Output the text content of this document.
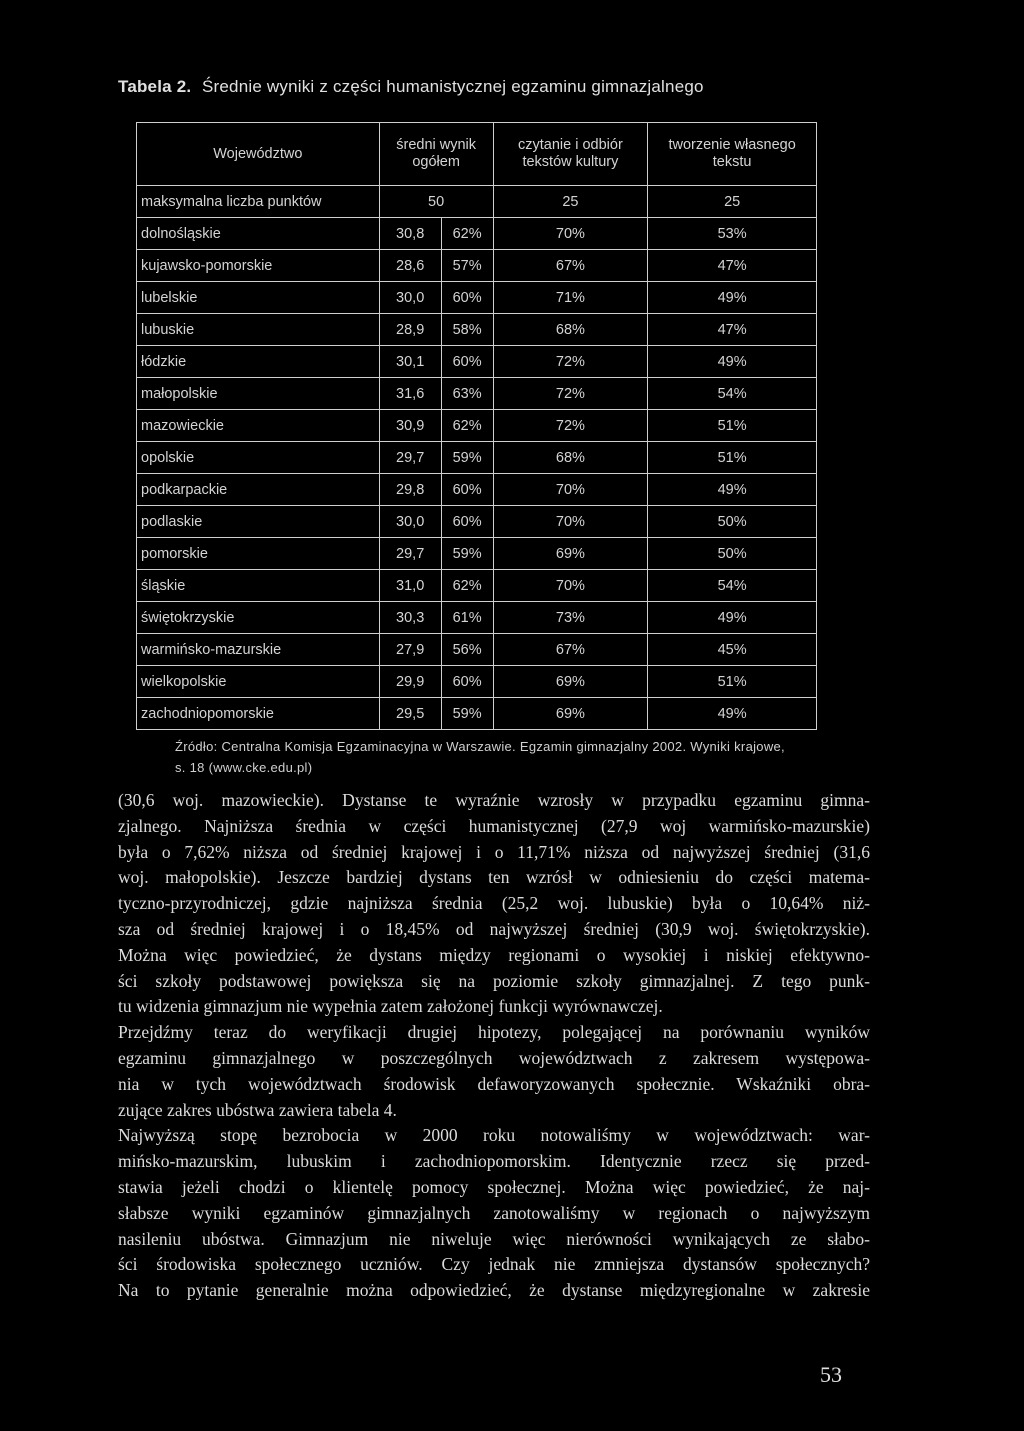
Tabela 2. Średnie wyniki z części humanistycznej egzaminu gimnazjalnego
Województwo	średni wynik ogółem		czytanie i odbiór tekstów kultury	tworzenie własnego tekstu
maksymalna liczba punktów	50		25	25
dolnośląskie	30,8	62%	70%	53%
kujawsko-pomorskie	28,6	57%	67%	47%
lubelskie	30,0	60%	71%	49%
lubuskie	28,9	58%	68%	47%
łódzkie	30,1	60%	72%	49%
małopolskie	31,6	63%	72%	54%
mazowieckie	30,9	62%	72%	51%
opolskie	29,7	59%	68%	51%
podkarpackie	29,8	60%	70%	49%
podlaskie	30,0	60%	70%	50%
pomorskie	29,7	59%	69%	50%
śląskie	31,0	62%	70%	54%
świętokrzyskie	30,3	61%	73%	49%
warmińsko-mazurskie	27,9	56%	67%	45%
wielkopolskie	29,9	60%	69%	51%
zachodniopomorskie	29,5	59%	69%	49%
Źródło: Centralna Komisja Egzaminacyjna w Warszawie. Egzamin gimnazjalny 2002. Wyniki krajowe,

s. 18 (www.cke.edu.pl)
(30,6 woj. mazowieckie). Dystanse te wyraźnie wzrosły w przypadku egzaminu gimna-
zjalnego. Najniższa średnia w części humanistycznej (27,9 woj warmińsko-mazurskie)
była o 7,62% niższa od średniej krajowej i o 11,71% niższa od najwyższej średniej (31,6
woj. małopolskie). Jeszcze bardziej dystans ten wzrósł w odniesieniu do części matema-
tyczno-przyrodniczej, gdzie najniższa średnia (25,2 woj. lubuskie) była o 10,64% niż-
sza od średniej krajowej i o 18,45% od najwyższej średniej (30,9 woj. świętokrzyskie).
Można więc powiedzieć, że dystans między regionami o wysokiej i niskiej efektywno-
ści szkoły podstawowej powiększa się na poziomie szkoły gimnazjalnej. Z tego punk-
tu widzenia gimnazjum nie wypełnia zatem założonej funkcji wyrównawczej.
Przejdźmy teraz do weryfikacji drugiej hipotezy, polegającej na porównaniu wyników
egzaminu gimnazjalnego w poszczególnych województwach z zakresem występowa-
nia w tych województwach środowisk defaworyzowanych społecznie. Wskaźniki obra-
zujące zakres ubóstwa zawiera tabela 4.
Najwyższą stopę bezrobocia w 2000 roku notowaliśmy w województwach: war-
mińsko-mazurskim, lubuskim i zachodniopomorskim. Identycznie rzecz się przed-
stawia jeżeli chodzi o klientelę pomocy społecznej. Można więc powiedzieć, że naj-
słabsze wyniki egzaminów gimnazjalnych zanotowaliśmy w regionach o najwyższym
nasileniu ubóstwa. Gimnazjum nie niweluje więc nierówności wynikających ze słabo-
ści środowiska społecznego uczniów. Czy jednak nie zmniejsza dystansów społecznych?
Na to pytanie generalnie można odpowiedzieć, że dystanse międzyregionalne w zakresie
53
